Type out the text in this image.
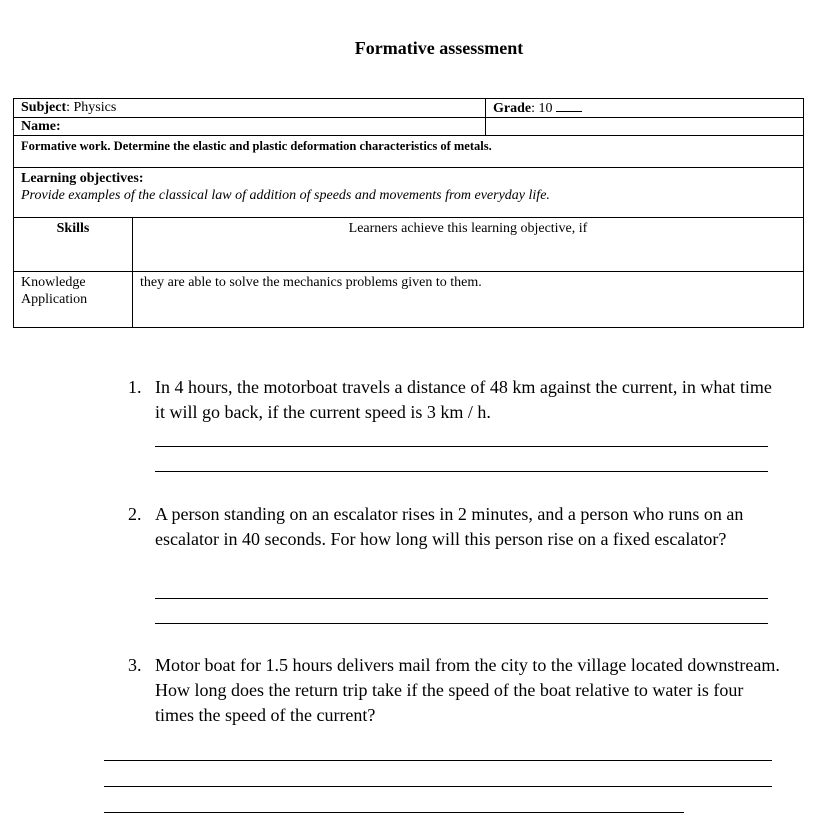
Formative assessment
Subject: Physics		Grade: 10
Name:		
Formative work. Determine the elastic and plastic deformation characteristics of metals.		

Learning objectives:
Provide examples of the classical law of addition of speeds and movements from everyday life.		

Skills	Learners achieve this learning objective, if	

Knowledge
Application	they are able to solve the mechanics problems given to them.	
1. In 4 hours, the motorboat travels a distance of 48 km against the current, in what time it will go back, if the current speed is 3 km / h.
2. A person standing on an escalator rises in 2 minutes, and a person who runs on an escalator in 40 seconds. For how long will this person rise on a fixed escalator?
3. Motor boat for 1.5 hours delivers mail from the city to the village located downstream. How long does the return trip take if the speed of the boat relative to water is four times the speed of the current?
